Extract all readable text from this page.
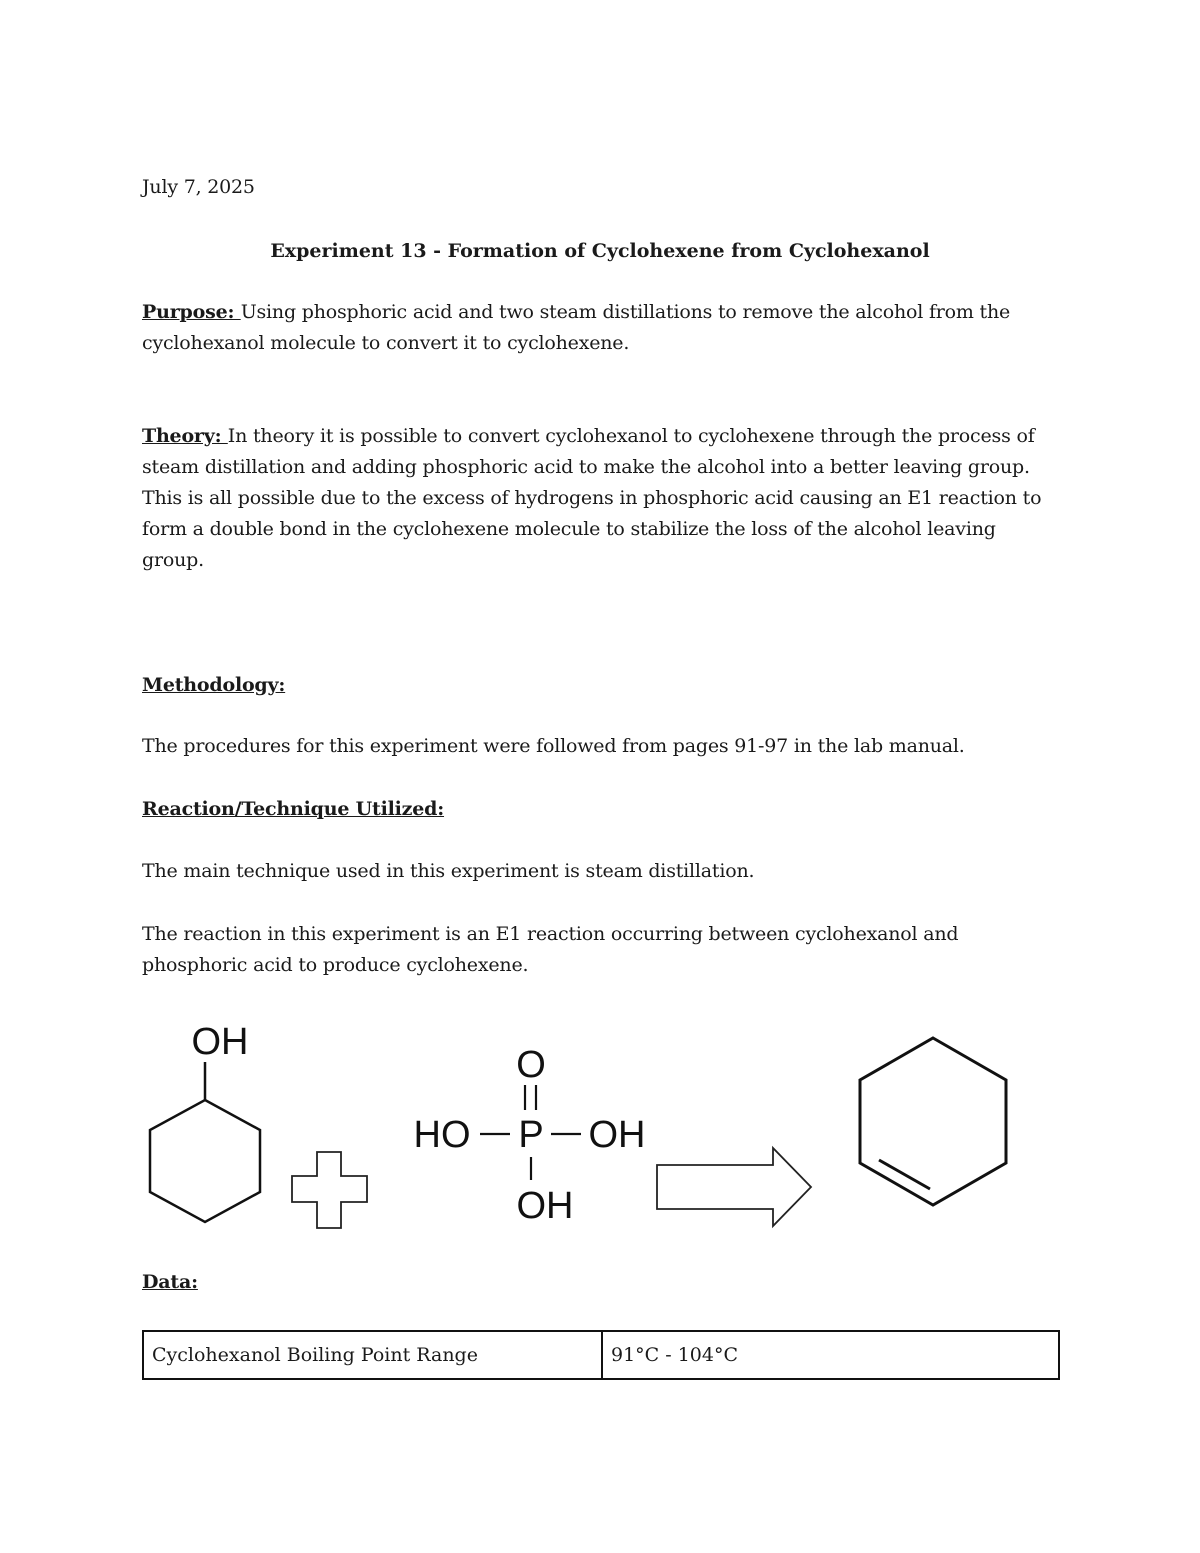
July 7, 2025
Experiment 13 - Formation of Cyclohexene from Cyclohexanol
Purpose: Using phosphoric acid and two steam distillations to remove the alcohol from the cyclohexanol molecule to convert it to cyclohexene.
Theory: In theory it is possible to convert cyclohexanol to cyclohexene through the process of steam distillation and adding phosphoric acid to make the alcohol into a better leaving group. This is all possible due to the excess of hydrogens in phosphoric acid causing an E1 reaction to form a double bond in the cyclohexene molecule to stabilize the loss of the alcohol leaving group.
Methodology:
The procedures for this experiment were followed from pages 91-97 in the lab manual.
Reaction/Technique Utilized:
The main technique used in this experiment is steam distillation.
The reaction in this experiment is an E1 reaction occurring between cyclohexanol and phosphoric acid to produce cyclohexene.
OH
O
HO P OH
OH
Data:
Cyclohexanol Boiling Point Range	91°C - 104°C
